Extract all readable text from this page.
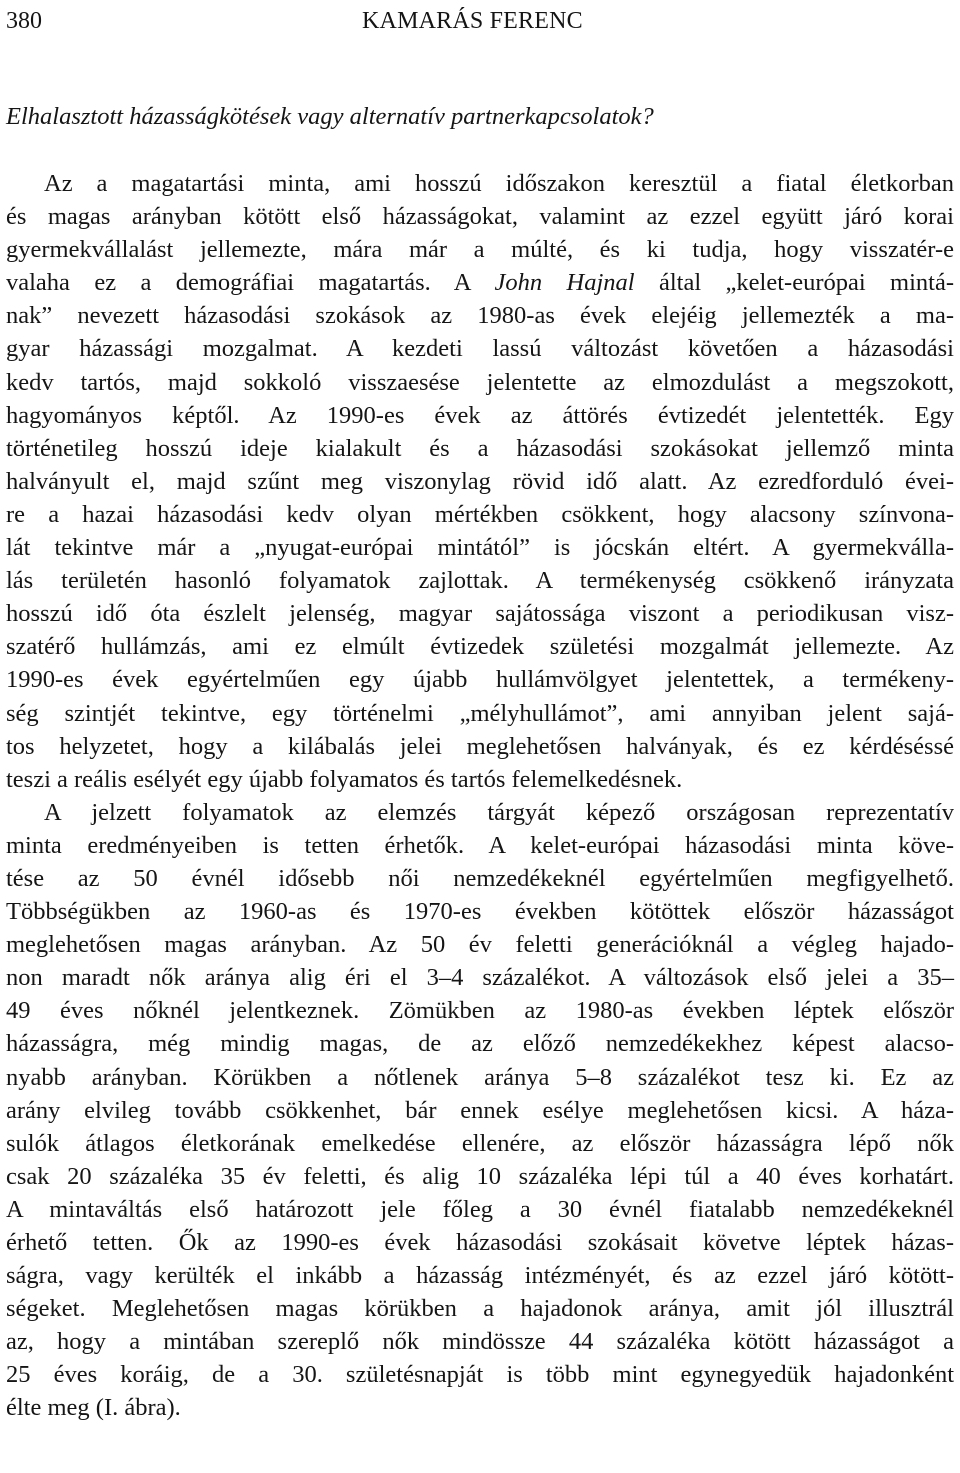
380	KAMARÁS FERENC
Elhalasztott házasságkötések vagy alternatív partnerkapcsolatok?
Az a magatartási minta, ami hosszú időszakon keresztül a fiatal életkorban
és magas arányban kötött első házasságokat, valamint az ezzel együtt járó korai
gyermekvállalást jellemezte, mára már a múlté, és ki tudja, hogy visszatér-e
valaha ez a demográfiai magatartás. A John Hajnal által „kelet-európai mintá-
nak” nevezett házasodási szokások az 1980-as évek elejéig jellemezték a ma-
gyar házassági mozgalmat. A kezdeti lassú változást követően a házasodási
kedv tartós, majd sokkoló visszaesése jelentette az elmozdulást a megszokott,
hagyományos képtől. Az 1990-es évek az áttörés évtizedét jelentették. Egy
történetileg hosszú ideje kialakult és a házasodási szokásokat jellemző minta
halványult el, majd szűnt meg viszonylag rövid idő alatt. Az ezredforduló évei-
re a hazai házasodási kedv olyan mértékben csökkent, hogy alacsony színvona-
lát tekintve már a „nyugat-európai mintától” is jócskán eltért. A gyermekválla-
lás területén hasonló folyamatok zajlottak. A termékenység csökkenő irányzata
hosszú idő óta észlelt jelenség, magyar sajátossága viszont a periodikusan visz-
szatérő hullámzás, ami ez elmúlt évtizedek születési mozgalmát jellemezte. Az
1990-es évek egyértelműen egy újabb hullámvölgyet jelentettek, a termékeny-
ség szintjét tekintve, egy történelmi „mélyhullámot”, ami annyiban jelent sajá-
tos helyzetet, hogy a kilábalás jelei meglehetősen halványak, és ez kérdéséssé
teszi a reális esélyét egy újabb folyamatos és tartós felemelkedésnek.
A jelzett folyamatok az elemzés tárgyát képező országosan reprezentatív
minta eredményeiben is tetten érhetők. A kelet-európai házasodási minta köve-
tése az 50 évnél idősebb női nemzedékeknél egyértelműen megfigyelhető.
Többségükben az 1960-as és 1970-es években kötöttek először házasságot
meglehetősen magas arányban. Az 50 év feletti generációknál a végleg hajado-
non maradt nők aránya alig éri el 3–4 százalékot. A változások első jelei a 35–
49 éves nőknél jelentkeznek. Zömükben az 1980-as években léptek először
házasságra, még mindig magas, de az előző nemzedékekhez képest alacso-
nyabb arányban. Körükben a nőtlenek aránya 5–8 százalékot tesz ki. Ez az
arány elvileg tovább csökkenhet, bár ennek esélye meglehetősen kicsi. A háza-
sulók átlagos életkorának emelkedése ellenére, az először házasságra lépő nők
csak 20 százaléka 35 év feletti, és alig 10 százaléka lépi túl a 40 éves korhatárt.
A mintaváltás első határozott jele főleg a 30 évnél fiatalabb nemzedékeknél
érhető tetten. Ők az 1990-es évek házasodási szokásait követve léptek házas-
ságra, vagy kerülték el inkább a házasság intézményét, és az ezzel járó kötött-
ségeket. Meglehetősen magas körükben a hajadonok aránya, amit jól illusztrál
az, hogy a mintában szereplő nők mindössze 44 százaléka kötött házasságot a
25 éves koráig, de a 30. születésnapját is több mint egynegyedük hajadonként
élte meg (I. ábra).
